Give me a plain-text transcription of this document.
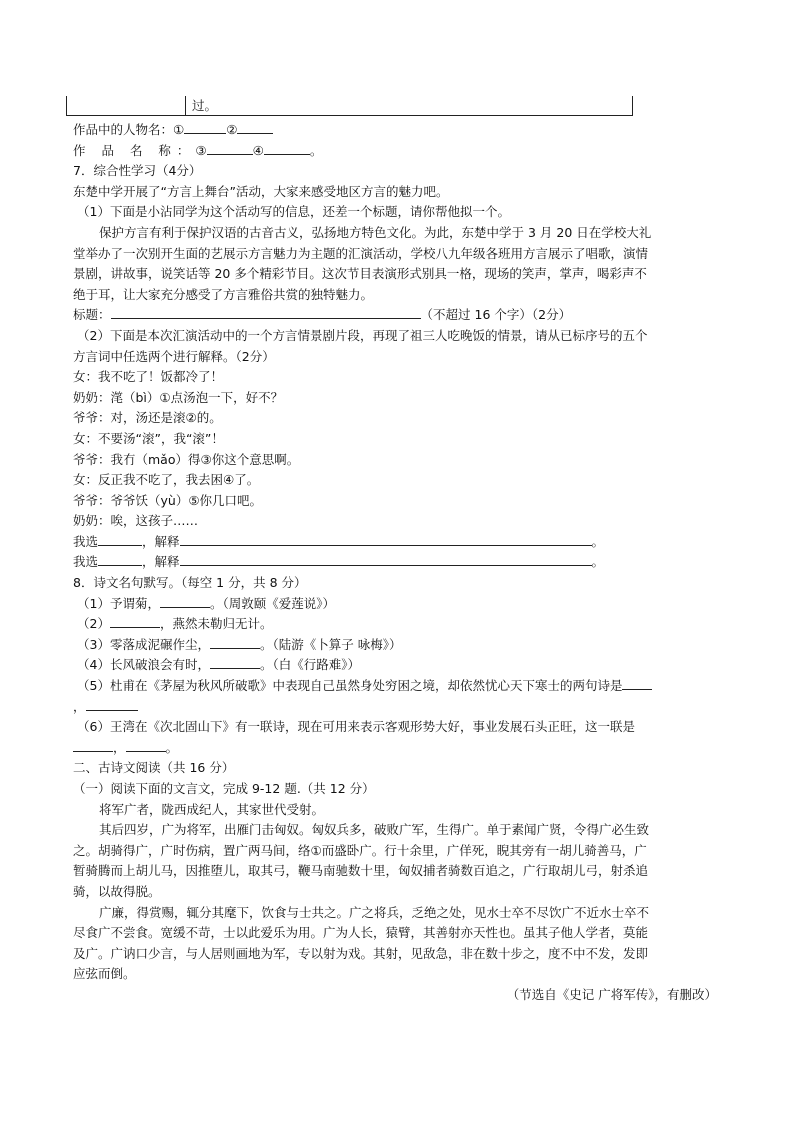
过。
作品中的人物名：①	②
作 品 名 称：③	④	。
7．综合性学习（4分）
东楚中学开展了“方言上舞台”活动，大家来感受地区方言的魅力吧。
（1）下面是小沾同学为这个活动写的信息，还差一个标题，请你帮他拟一个。
保护方言有利于保护汉语的古音古义，弘扬地方特色文化。为此，东楚中学于 3 月 20 日在学校大礼
堂举办了一次别开生面的艺展示方言魅力为主题的汇演活动，学校八九年级各班用方言展示了唱歌，演情
景剧，讲故事，说笑话等 20 多个精彩节目。这次节目表演形式别具一格，现场的笑声，掌声，喝彩声不
绝于耳，让大家充分感受了方言雅俗共赏的独特魅力。
标题：	（不超过 16 个字）（2分）
（2）下面是本次汇演活动中的一个方言情景剧片段，再现了祖三人吃晚饭的情景，请从已标序号的五个
方言词中任选两个进行解释。（2分）
女：我不吃了！饭都冷了！
奶奶：滗（bì）①点汤泡一下，好不？
爷爷：对，汤还是滚②的。
女：不要汤“滚”，我“滚”！
爷爷：我冇（mǎo）得③你这个意思啊。
女：反正我不吃了，我去困④了。
爷爷：爷爷饫（yù）⑤你几口吧。
奶奶：唉，这孩子……
我选	，解释	。
我选	，解释	。
8．诗文名句默写。（每空 1 分，共 8 分）
（1）予谓菊，	。（周敦颐《爱莲说》）
（2）	，燕然未勒归无计。
（3）零落成泥碾作尘，	。（陆游《卜算子 咏梅》）
（4）长风破浪会有时，	。（白《行路难》）
（5）杜甫在《茅屋为秋风所破歌》中表现自己虽然身处穷困之境，却依然忧心天下寒士的两句诗是
，
（6）王湾在《次北固山下》有一联诗，现在可用来表示客观形势大好，事业发展石头正旺，这一联是
，	。
二、古诗文阅读（共 16 分）
（一）阅读下面的文言文，完成 9-12 题.（共 12 分）
将军广者，陇西成纪人，其家世代受射。
其后四岁，广为将军，出雁门击匈奴。匈奴兵多，破败广军，生得广。单于素闻广贤，令得广必生致
之。胡骑得广，广时伤病，置广两马间，络①而盛卧广。行十余里，广佯死，睨其旁有一胡儿骑善马，广
暂骑腾而上胡儿马，因推堕儿，取其弓，鞭马南驰数十里，匈奴捕者骑数百追之，广行取胡儿弓，射杀追
骑，以故得脱。
广廉，得赏赐，辄分其麾下，饮食与士共之。广之将兵，乏绝之处，见水士卒不尽饮广不近水士卒不
尽食广不尝食。宽缓不苛，士以此爱乐为用。广为人长，猿臂，其善射亦天性也。虽其子他人学者，莫能
及广。广讷口少言，与人居则画地为军，专以射为戏。其射，见敌急，非在数十步之，度不中不发，发即
应弦而倒。
（节选自《史记 广将军传》，有删改）
